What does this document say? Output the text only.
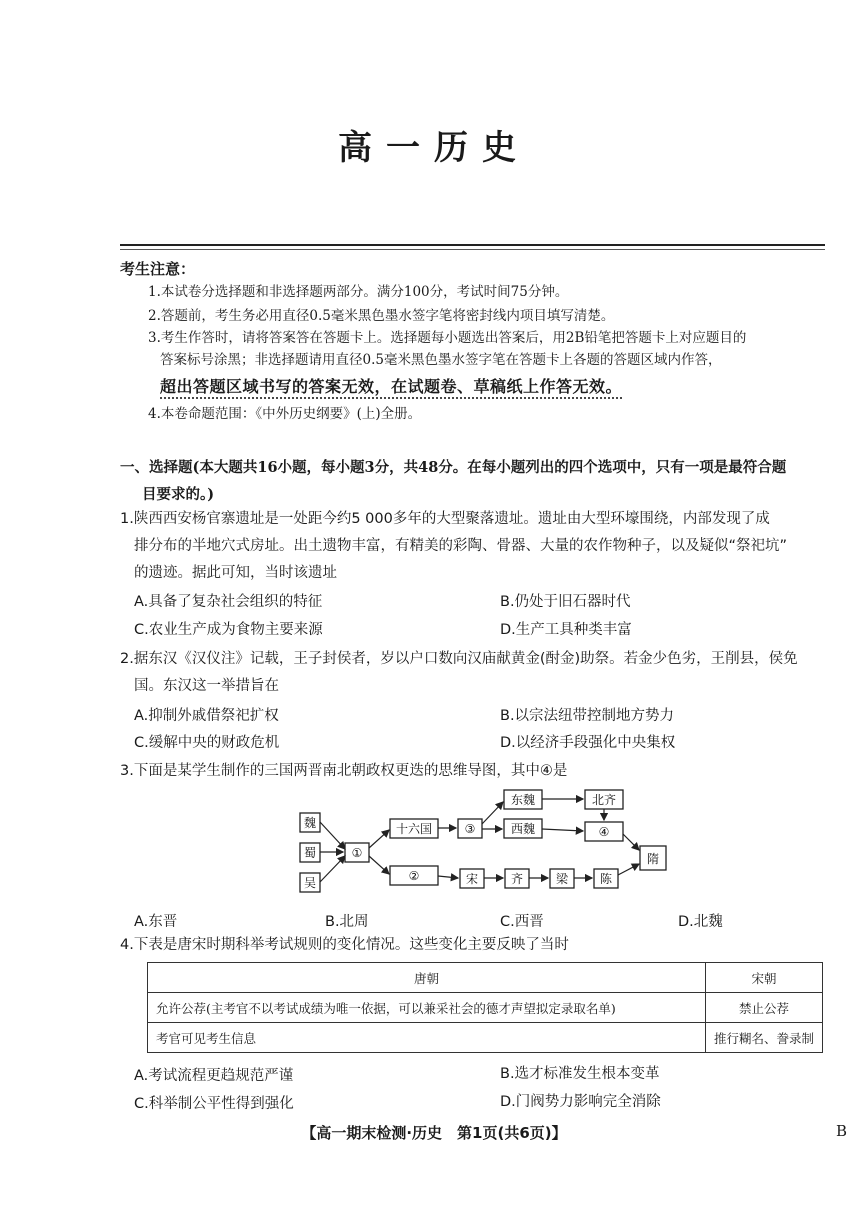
高一历史
考生注意：
1.本试卷分选择题和非选择题两部分。满分100分，考试时间75分钟。
2.答题前，考生务必用直径0.5毫米黑色墨水签字笔将密封线内项目填写清楚。
3.考生作答时，请将答案答在答题卡上。选择题每小题选出答案后，用2B铅笔把答题卡上对应题目的
答案标号涂黑；非选择题请用直径0.5毫米黑色墨水签字笔在答题卡上各题的答题区域内作答，
超出答题区域书写的答案无效，在试题卷、草稿纸上作答无效。
4.本卷命题范围：《中外历史纲要》(上)全册。
一、选择题(本大题共16小题，每小题3分，共48分。在每小题列出的四个选项中，只有一项是最符合题
目要求的。)
1.陕西西安杨官寨遗址是一处距今约5 000多年的大型聚落遗址。遗址由大型环壕围绕，内部发现了成
排分布的半地穴式房址。出土遗物丰富，有精美的彩陶、骨器、大量的农作物种子，以及疑似“祭祀坑”
的遗迹。据此可知，当时该遗址
A.具备了复杂社会组织的特征	B.仍处于旧石器时代
C.农业生产成为食物主要来源	D.生产工具种类丰富
2.据东汉《汉仪注》记载，王子封侯者，岁以户口数向汉庙献黄金(酎金)助祭。若金少色劣，王削县，侯免
国。东汉这一举措旨在
A.抑制外戚借祭祀扩权	B.以宗法纽带控制地方势力
C.缓解中央的财政危机	D.以经济手段强化中央集权
3.下面是某学生制作的三国两晋南北朝政权更迭的思维导图，其中④是
魏
蜀
吴
①
十六国
②
③
东魏
西魏
北齐
④
宋	齐	梁	陈
隋
A.东晋	B.北周	C.西晋	D.北魏
4.下表是唐宋时期科举考试规则的变化情况。这些变化主要反映了当时
唐朝	宋朝
允许公荐(主考官不以考试成绩为唯一依据，可以兼采社会的德才声望拟定录取名单)	禁止公荐
考官可见考生信息	推行糊名、誊录制
A.考试流程更趋规范严谨	B.选才标准发生根本变革
C.科举制公平性得到强化	D.门阀势力影响完全消除
【高一期末检测·历史　第1页(共6页)】	B
